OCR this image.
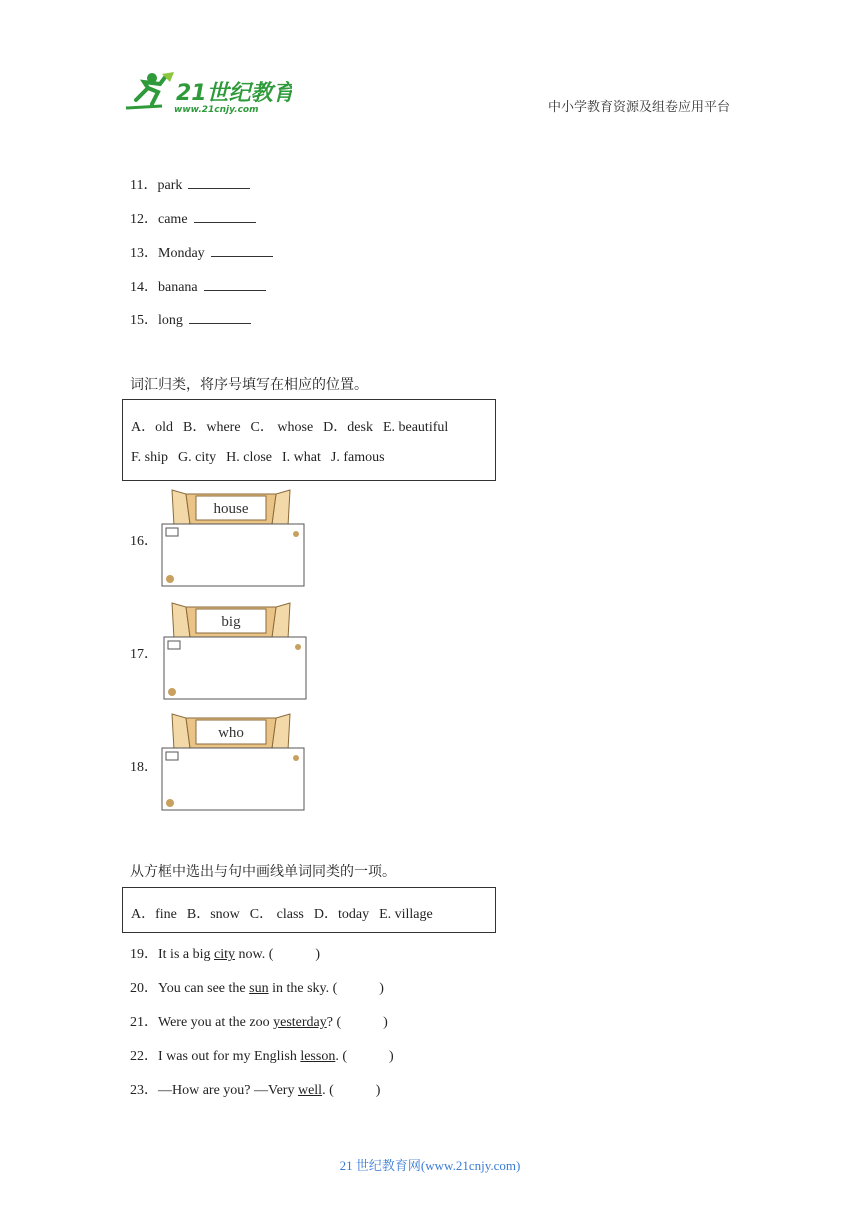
21世纪教育
www.21cnjy.com	中小学教育资源及组卷应用平台
11．park
12．came
13．Monday
14．banana
15．long
词汇归类，将序号填写在相应的位置。
A．old B．where C． whose D．desk E. beautiful
F. ship G. city H. close I. what J. famous
16．
house
17．
big
18．
who
从方框中选出与句中画线单词同类的一项。
A．fine B．snow C． class D．today E. village
19．It is a big city now. (            )
20．You can see the sun in the sky. (            )
21．Were you at the zoo yesterday? (            )
22．I was out for my English lesson. (            )
23．—How are you? —Very well. (            )
21 世纪教育网(www.21cnjy.com)
